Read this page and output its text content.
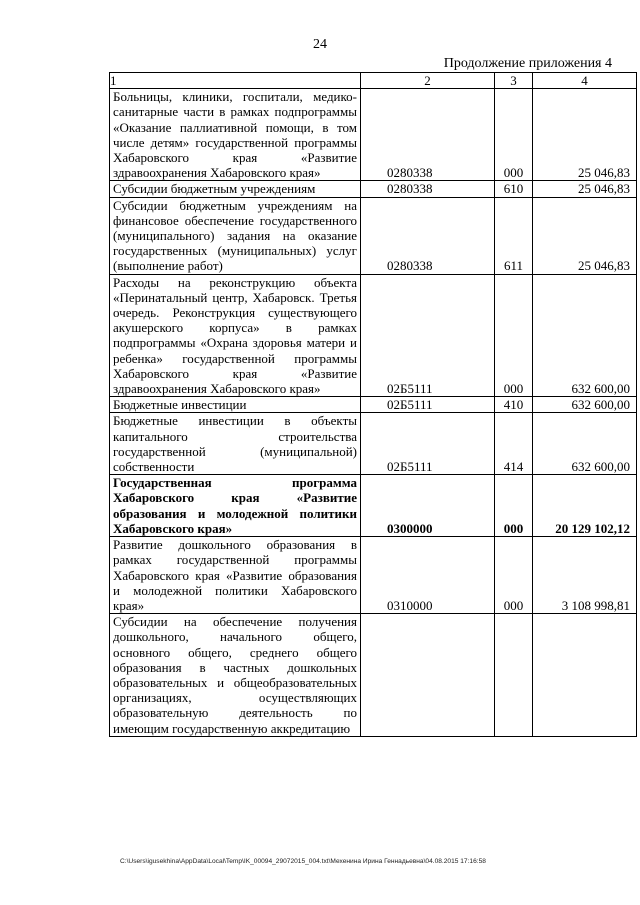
24
Продолжение приложения 4
1	2	3	4
Больницы, клиники, госпитали, медико-санитарные части в рамках подпрограммы «Оказание паллиативной помощи, в том числе детям» государственной программы Хабаровского края «Развитие здравоохранения Хабаровского края»	0280338	000	25 046,83
Субсидии бюджетным учреждениям	0280338	610	25 046,83
Субсидии бюджетным учреждениям на финансовое обеспечение государственного (муниципального) задания на оказание государственных (муниципальных) услуг (выполнение работ)	0280338	611	25 046,83
Расходы на реконструкцию объекта «Перинатальный центр, Хабаровск. Третья очередь. Реконструкция существующего акушерского корпуса» в рамках подпрограммы «Охрана здоровья матери и ребенка» государственной программы Хабаровского края «Развитие здравоохранения Хабаровского края»	02Б5111	000	632 600,00
Бюджетные инвестиции	02Б5111	410	632 600,00
Бюджетные инвестиции в объекты капитального строительства государственной (муниципальной) собственности	02Б5111	414	632 600,00
Государственная программа Хабаровского края «Развитие образования и молодежной политики Хабаровского края»	0300000	000	20 129 102,12
Развитие дошкольного образования в рамках государственной программы Хабаровского края «Развитие образования и молодежной политики Хабаровского края»	0310000	000	3 108 998,81
Субсидии на обеспечение получения дошкольного, начального общего, основного общего, среднего общего образования в частных дошкольных образовательных и общеобразовательных организациях, осуществляющих образовательную деятельность по имеющим государственную аккредитацию			
C:\Users\igusekhina\AppData\Local\Temp\IK_00094_29072015_004.txt\Мехенина Ирина Геннадьевна\04.08.2015 17:16:58
